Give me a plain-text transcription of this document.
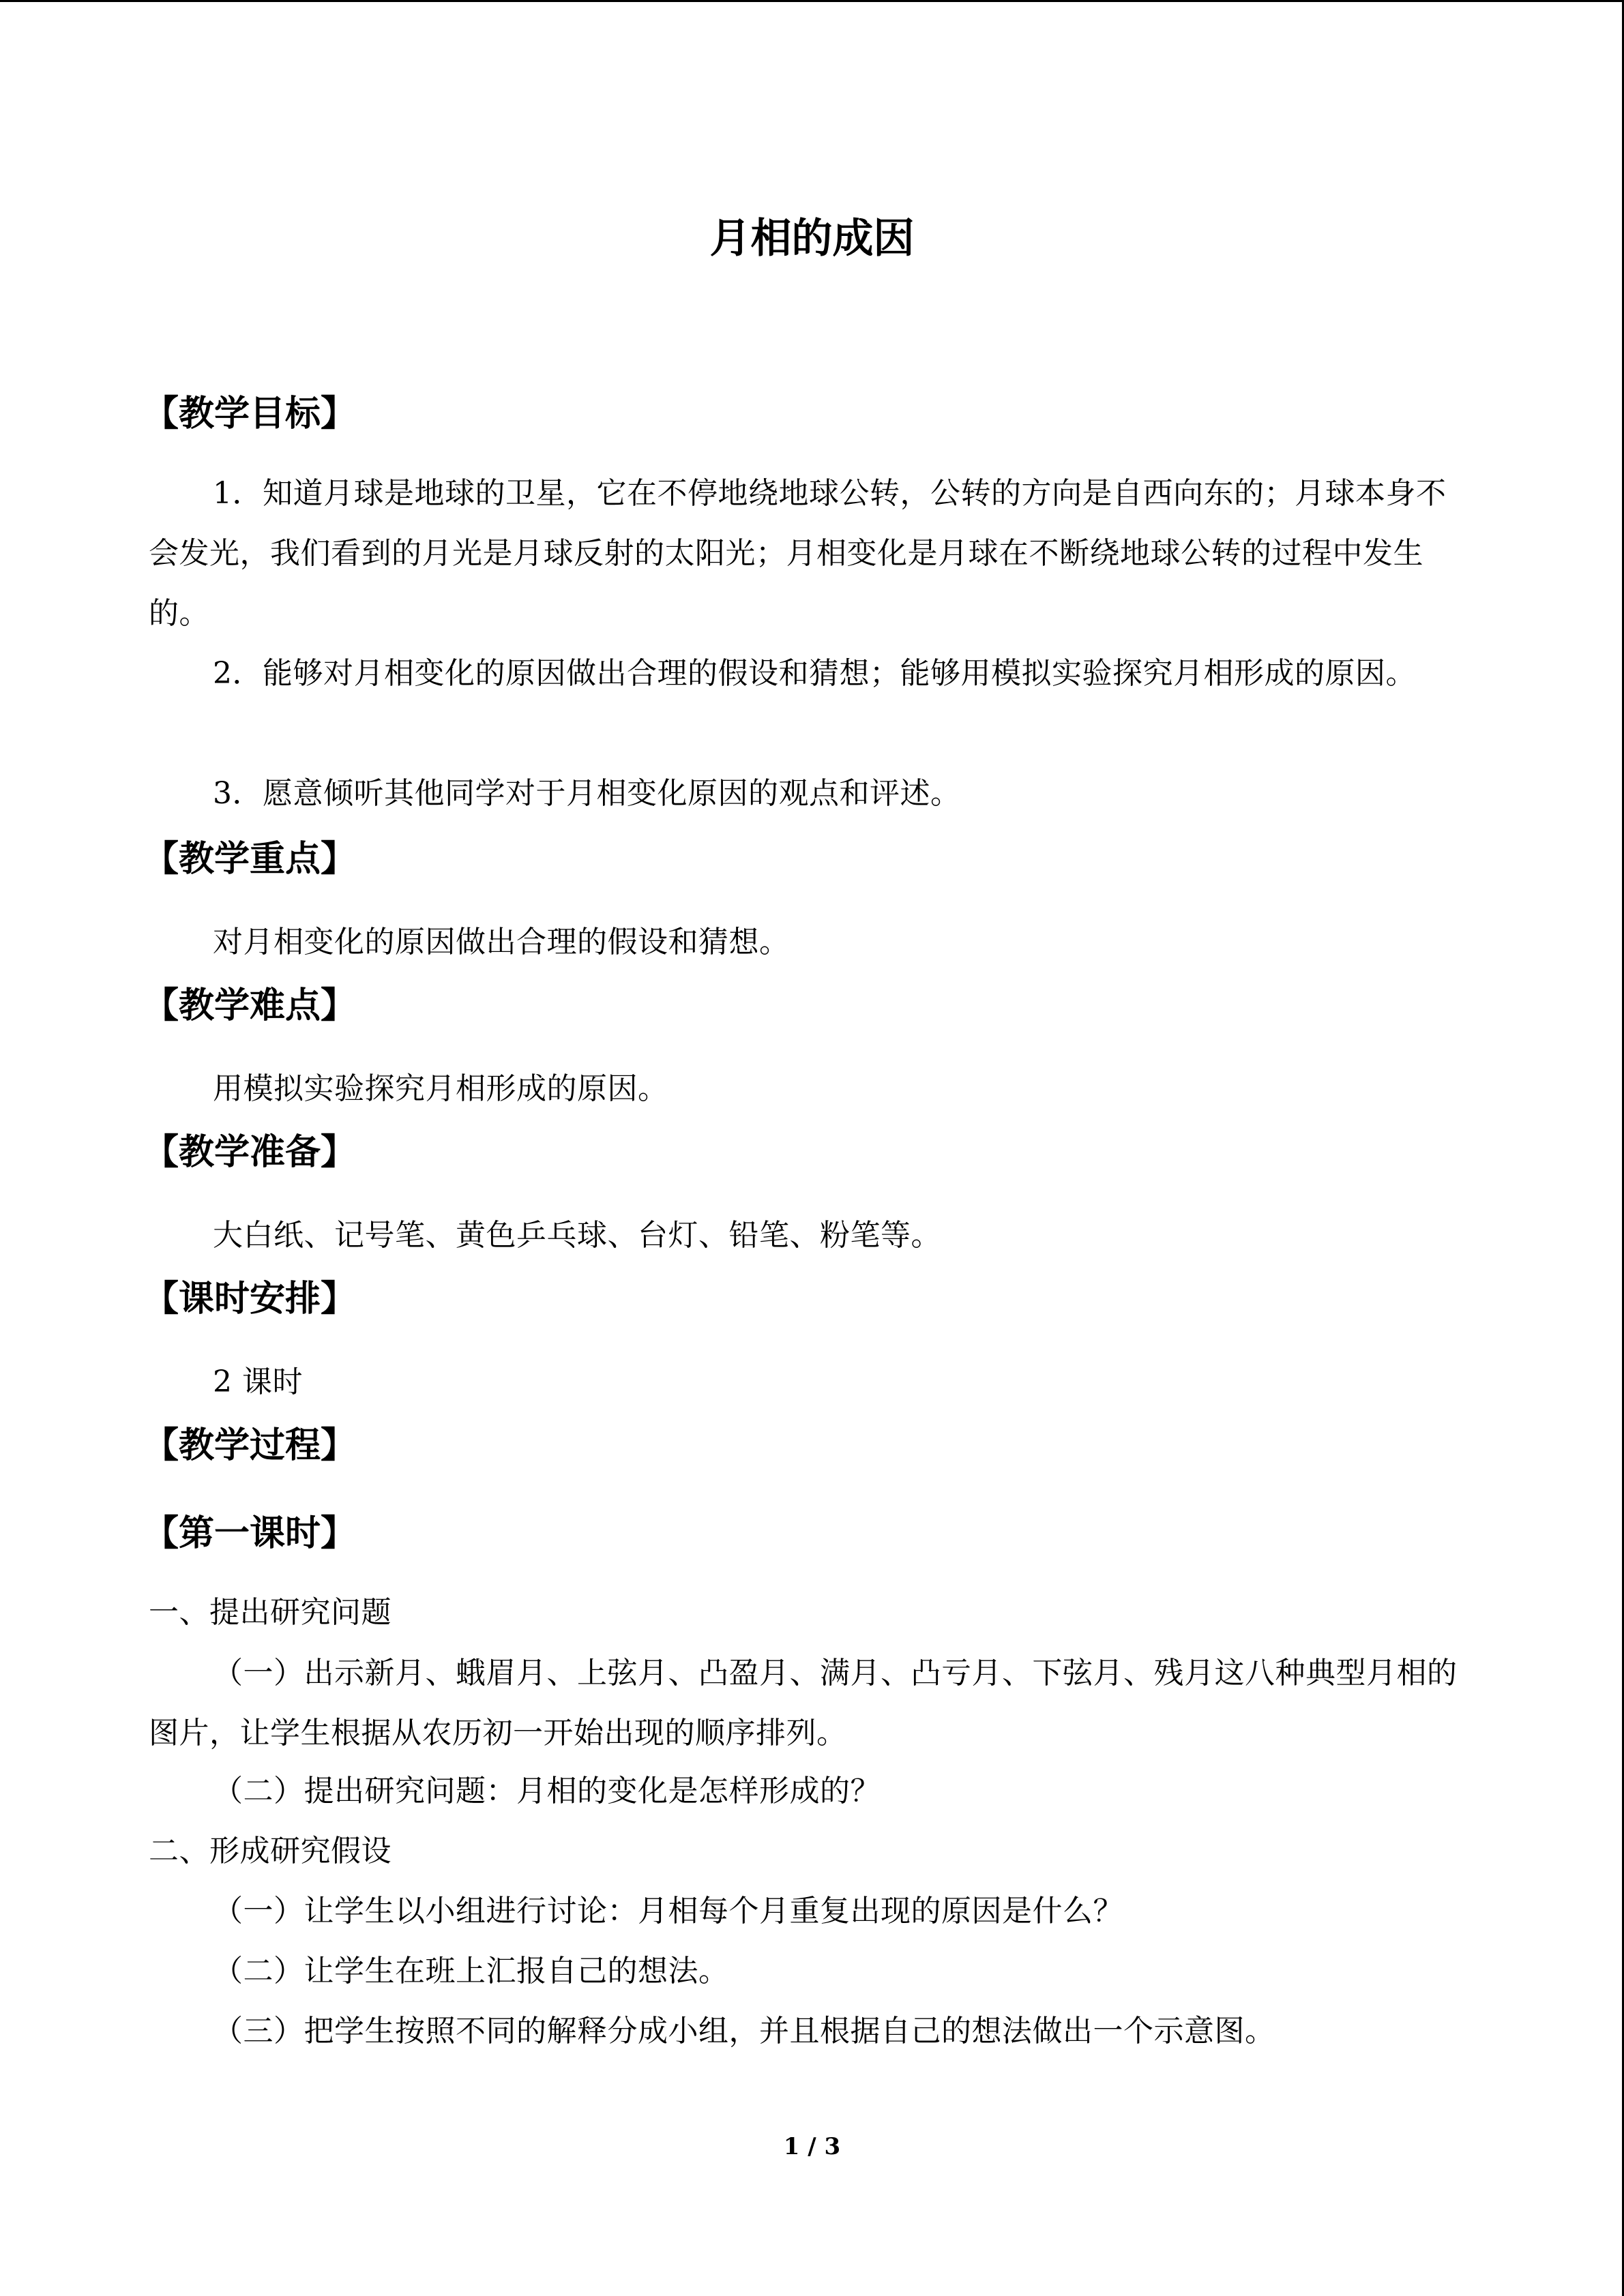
月相的成因
【教学目标】
1．知道月球是地球的卫星，它在不停地绕地球公转，公转的方向是自西向东的；月球本身不会发光，我们看到的月光是月球反射的太阳光；月相变化是月球在不断绕地球公转的过程中发生的。
2．能够对月相变化的原因做出合理的假设和猜想；能够用模拟实验探究月相形成的原因。
3．愿意倾听其他同学对于月相变化原因的观点和评述。
【教学重点】
对月相变化的原因做出合理的假设和猜想。
【教学难点】
用模拟实验探究月相形成的原因。
【教学准备】
大白纸、记号笔、黄色乒乓球、台灯、铅笔、粉笔等。
【课时安排】
2 课时
【教学过程】
【第一课时】
一、提出研究问题
（一）出示新月、蛾眉月、上弦月、凸盈月、满月、凸亏月、下弦月、残月这八种典型月相的图片，让学生根据从农历初一开始出现的顺序排列。
（二）提出研究问题：月相的变化是怎样形成的？
二、形成研究假设
（一）让学生以小组进行讨论：月相每个月重复出现的原因是什么？
（二）让学生在班上汇报自己的想法。
（三）把学生按照不同的解释分成小组，并且根据自己的想法做出一个示意图。
1 / 3
